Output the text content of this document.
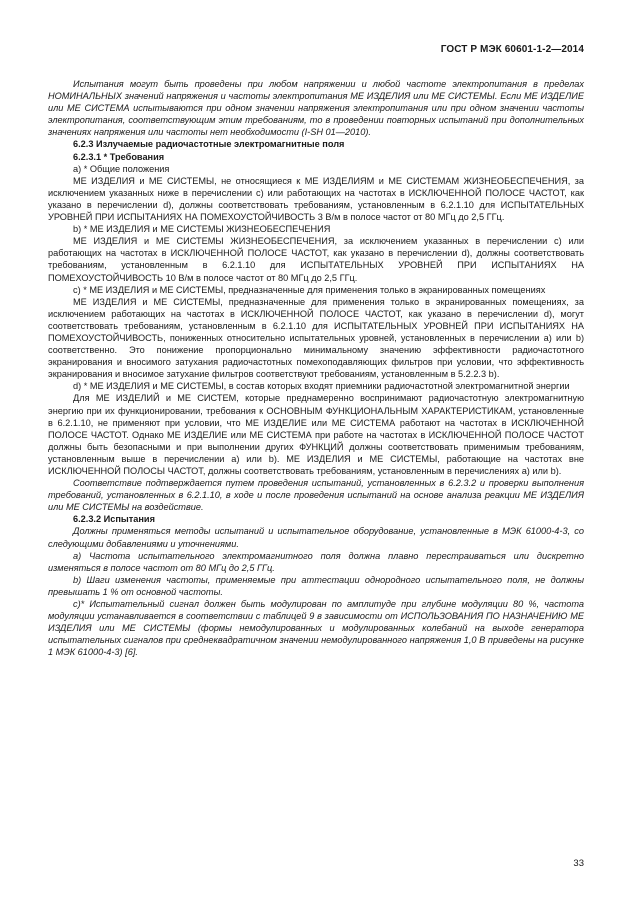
ГОСТ Р МЭК 60601-1-2—2014

Испытания могут быть проведены при любом напряжении и любой частоте электропитания в пределах НОМИНАЛЬНЫХ значений напряжения и частоты электропитания МЕ ИЗДЕЛИЯ или МЕ СИСТЕМЫ. Если МЕ ИЗДЕЛИЕ или МЕ СИСТЕМА испытываются при одном значении напряжения электропитания или при одном значении частоты электропитания, соответствующим этим требованиям, то в проведении повторных испытаний при дополнительных значениях напряжения или частоты нет необходимости (I-SH 01—2010).

6.2.3 Излучаемые радиочастотные электромагнитные поля

6.2.3.1 * Требования

a) * Общие положения

МЕ ИЗДЕЛИЯ и МЕ СИСТЕМЫ, не относящиеся к МЕ ИЗДЕЛИЯМ и МЕ СИСТЕМАМ ЖИЗНЕОБЕСПЕЧЕНИЯ, за исключением указанных ниже в перечислении c) или работающих на частотах в ИСКЛЮЧЕННОЙ ПОЛОСЕ ЧАСТОТ, как указано в перечислении d), должны соответствовать требованиям, установленным в 6.2.1.10 для ИСПЫТАТЕЛЬНЫХ УРОВНЕЙ ПРИ ИСПЫТАНИЯХ НА ПОМЕХОУСТОЙЧИВОСТЬ 3 В/м в полосе частот от 80 МГц до 2,5 ГГц.

b) * МЕ ИЗДЕЛИЯ и МЕ СИСТЕМЫ ЖИЗНЕОБЕСПЕЧЕНИЯ

МЕ ИЗДЕЛИЯ и МЕ СИСТЕМЫ ЖИЗНЕОБЕСПЕЧЕНИЯ, за исключением указанных в перечислении c) или работающих на частотах в ИСКЛЮЧЕННОЙ ПОЛОСЕ ЧАСТОТ, как указано в перечислении d), должны соответствовать требованиям, установленным в 6.2.1.10 для ИСПЫТАТЕЛЬНЫХ УРОВНЕЙ ПРИ ИСПЫТАНИЯХ НА ПОМЕХОУСТОЙЧИВОСТЬ 10 В/м в полосе частот от 80 МГц до 2,5 ГГц.

c) * МЕ ИЗДЕЛИЯ и МЕ СИСТЕМЫ, предназначенные для применения только в экранированных помещениях

МЕ ИЗДЕЛИЯ и МЕ СИСТЕМЫ, предназначенные для применения только в экранированных помещениях, за исключением работающих на частотах в ИСКЛЮЧЕННОЙ ПОЛОСЕ ЧАСТОТ, как указано в перечислении d), могут соответствовать требованиям, установленным в 6.2.1.10 для ИСПЫТАТЕЛЬНЫХ УРОВНЕЙ ПРИ ИСПЫТАНИЯХ НА ПОМЕХОУСТОЙЧИВОСТЬ, пониженных относительно испытательных уровней, установленных в перечислении a) или b) соответственно. Это понижение пропорционально минимальному значению эффективности радиочастотного экранирования и вносимого затухания радиочастотных помехоподавляющих фильтров при условии, что эффективность экранирования и вносимое затухание фильтров соответствуют требованиям, установленным в 5.2.2.3 b).

d) * МЕ ИЗДЕЛИЯ и МЕ СИСТЕМЫ, в состав которых входят приемники радиочастотной электромагнитной энергии

Для МЕ ИЗДЕЛИЙ и МЕ СИСТЕМ, которые преднамеренно воспринимают радиочастотную электромагнитную энергию при их функционировании, требования к ОСНОВНЫМ ФУНКЦИОНАЛЬНЫМ ХАРАКТЕРИСТИКАМ, установленные в 6.2.1.10, не применяют при условии, что МЕ ИЗДЕЛИЕ или МЕ СИСТЕМА работают на частотах в ИСКЛЮЧЕННОЙ ПОЛОСЕ ЧАСТОТ. Однако МЕ ИЗДЕЛИЕ или МЕ СИСТЕМА при работе на частотах в ИСКЛЮЧЕННОЙ ПОЛОСЕ ЧАСТОТ должны быть безопасными и при выполнении других ФУНКЦИЙ должны соответствовать применимым требованиям, установленным выше в перечислении a) или b). МЕ ИЗДЕЛИЯ и МЕ СИСТЕМЫ, работающие на частотах вне ИСКЛЮЧЕННОЙ ПОЛОСЫ ЧАСТОТ, должны соответствовать требованиям, установленным в перечислениях a) или b).

Соответствие подтверждается путем проведения испытаний, установленных в 6.2.3.2 и проверки выполнения требований, установленных в 6.2.1.10, в ходе и после проведения испытаний на основе анализа реакции МЕ ИЗДЕЛИЯ или МЕ СИСТЕМЫ на воздействие.

6.2.3.2 Испытания

Должны применяться методы испытаний и испытательное оборудование, установленные в МЭК 61000-4-3, со следующими добавлениями и уточнениями.

a) Частота испытательного электромагнитного поля должна плавно перестраиваться или дискретно изменяться в полосе частот от 80 МГц до 2,5 ГГц.

b) Шаги изменения частоты, применяемые при аттестации однородного испытательного поля, не должны превышать 1 % от основной частоты.

c)* Испытательный сигнал должен быть модулирован по амплитуде при глубине модуляции 80 %, частота модуляции устанавливается в соответствии с таблицей 9 в зависимости от ИСПОЛЬЗОВАНИЯ ПО НАЗНАЧЕНИЮ МЕ ИЗДЕЛИЯ или МЕ СИСТЕМЫ (формы немодулированных и модулированных колебаний на выходе генератора испытательных сигналов при среднеквадратичном значении немодулированного напряжения 1,0 В приведены на рисунке 1 МЭК 61000-4-3) [6].

33
